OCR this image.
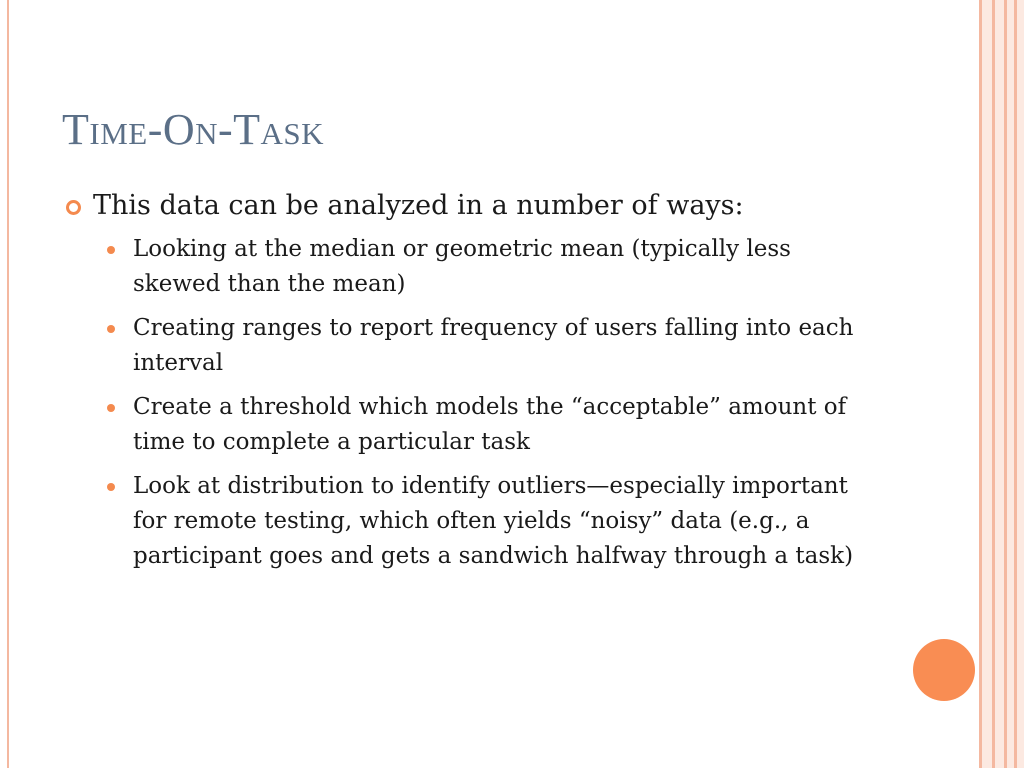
Time-On-Task
This data can be analyzed in a number of ways:
Looking at the median or geometric mean (typically less skewed than the mean)
Creating ranges to report frequency of users falling into each interval
Create a threshold which models the “acceptable” amount of time to complete a particular task
Look at distribution to identify outliers—especially important for remote testing, which often yields “noisy” data (e.g., a participant goes and gets a sandwich halfway through a task)
